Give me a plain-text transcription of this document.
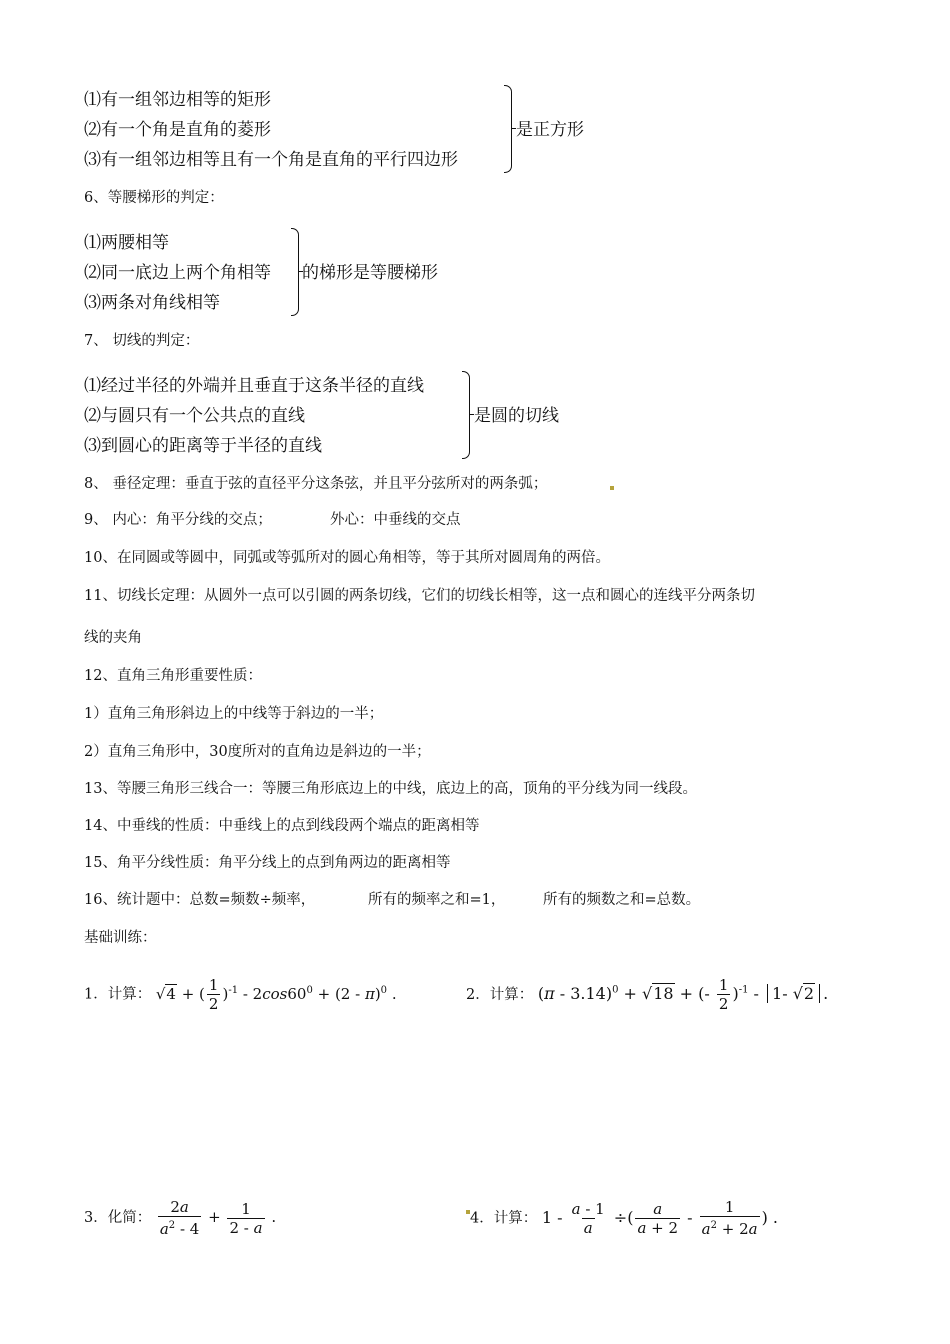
⑴有一组邻边相等的矩形
⑵有一个角是直角的菱形
⑶有一组邻边相等且有一个角是直角的平行四边形
是正方形
6、等腰梯形的判定：
⑴两腰相等
⑵同一底边上两个角相等
⑶两条对角线相等
的梯形是等腰梯形
7、 切线的判定：
⑴经过半径的外端并且垂直于这条半径的直线
⑵与圆只有一个公共点的直线
⑶到圆心的距离等于半径的直线
是圆的切线
8、 垂径定理：垂直于弦的直径平分这条弦，并且平分弦所对的两条弧；
9、 内心：角平分线的交点；	外心：中垂线的交点
10、在同圆或等圆中，同弧或等弧所对的圆心角相等，等于其所对圆周角的两倍。
11、切线长定理：从圆外一点可以引圆的两条切线，它们的切线长相等，这一点和圆心的连线平分两条切
线的夹角
12、直角三角形重要性质：
1）直角三角形斜边上的中线等于斜边的一半；
2）直角三角形中，30度所对的直角边是斜边的一半；
13、等腰三角形三线合一：等腰三角形底边上的中线，底边上的高，顶角的平分线为同一线段。
14、中垂线的性质：中垂线上的点到线段两个端点的距离相等
15、角平分线性质：角平分线上的点到角两边的距离相等
16、统计题中：总数=频数÷频率，	所有的频率之和=1，	所有的频数之和=总数。
基础训练：
1．计算： √4 + ( $\frac{1}{2} )^{-1} - 2\cos 60^0 + (2 - \pi)^0$ .	2．计算： (π - 3.14)$^0$ + √18 + (- $\frac{1}{2} )^{-1} - 1-$ √2 .
3．化简： $\frac{2a}{a^2 - 4} + \frac{1}{2 - a}$ .	4．计算： $1 - \frac{a - 1}{a}$ ÷( $\frac{a}{a + 2} - \frac{1}{a^2 + 2a}$ ) .
